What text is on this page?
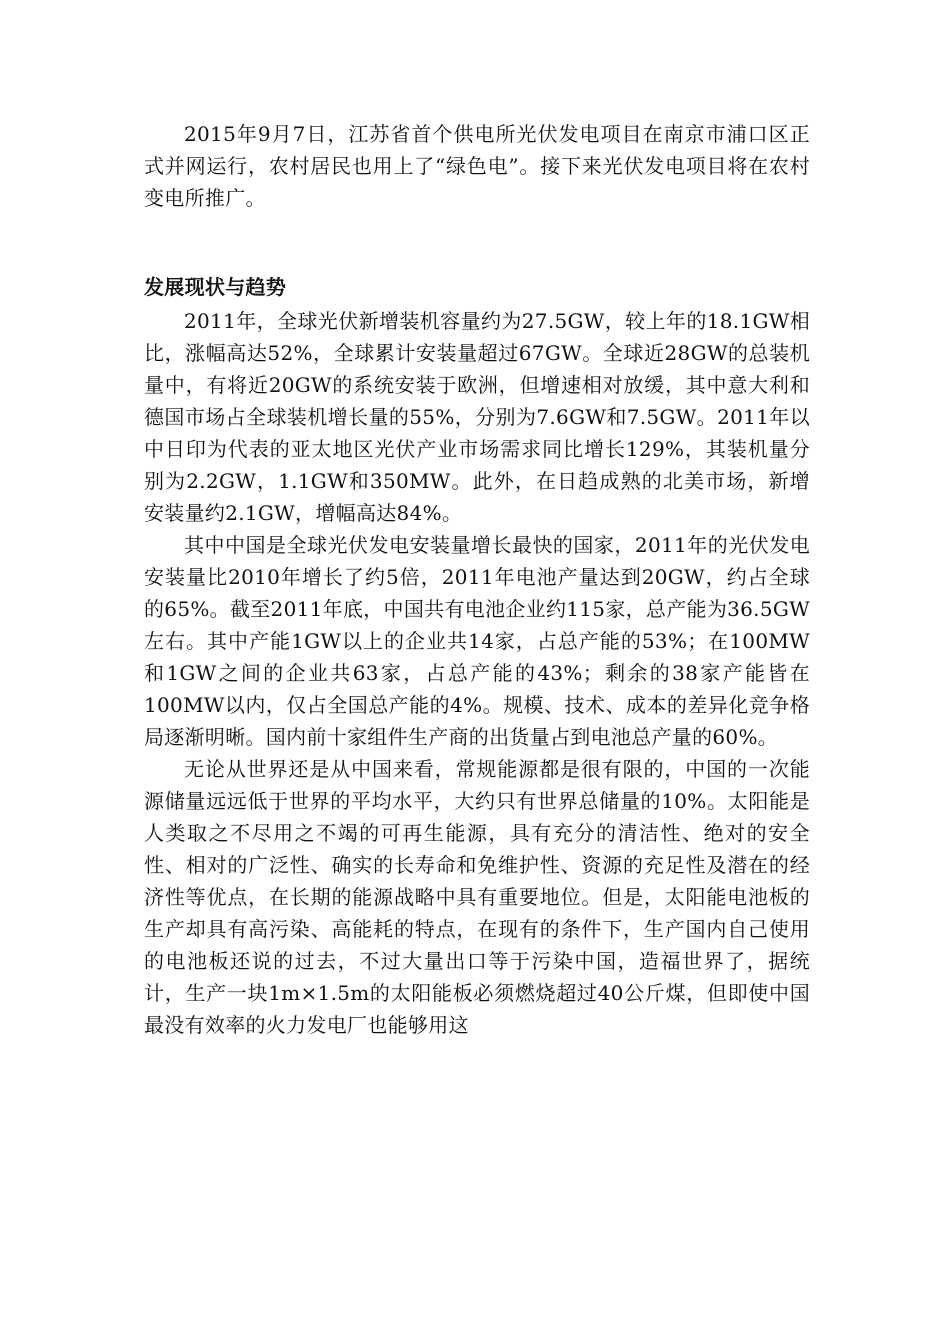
2015年9月7日，江苏省首个供电所光伏发电项目在南京市浦口区正式并网运行，农村居民也用上了“绿色电”。接下来光伏发电项目将在农村变电所推广。

发展现状与趋势

2011年，全球光伏新增装机容量约为27.5GW，较上年的18.1GW相比，涨幅高达52%，全球累计安装量超过67GW。全球近28GW的总装机量中，有将近20GW的系统安装于欧洲，但增速相对放缓，其中意大利和德国市场占全球装机增长量的55%，分别为7.6GW和7.5GW。2011年以中日印为代表的亚太地区光伏产业市场需求同比增长129%，其装机量分别为2.2GW，1.1GW和350MW。此外，在日趋成熟的北美市场，新增安装量约2.1GW，增幅高达84%。

其中中国是全球光伏发电安装量增长最快的国家，2011年的光伏发电安装量比2010年增长了约5倍，2011年电池产量达到20GW，约占全球的65%。截至2011年底，中国共有电池企业约115家，总产能为36.5GW左右。其中产能1GW以上的企业共14家，占总产能的53%；在100MW和1GW之间的企业共63家，占总产能的43%；剩余的38家产能皆在100MW以内，仅占全国总产能的4%。规模、技术、成本的差异化竞争格局逐渐明晰。国内前十家组件生产商的出货量占到电池总产量的60%。

无论从世界还是从中国来看，常规能源都是很有限的，中国的一次能源储量远远低于世界的平均水平，大约只有世界总储量的10%。太阳能是人类取之不尽用之不竭的可再生能源，具有充分的清洁性、绝对的安全性、相对的广泛性、确实的长寿命和免维护性、资源的充足性及潜在的经济性等优点，在长期的能源战略中具有重要地位。但是，太阳能电池板的生产却具有高污染、高能耗的特点，在现有的条件下，生产国内自己使用的电池板还说的过去，不过大量出口等于污染中国，造福世界了，据统计，生产一块1m×1.5m的太阳能板必须燃烧超过40公斤煤，但即使中国最没有效率的火力发电厂也能够用这
